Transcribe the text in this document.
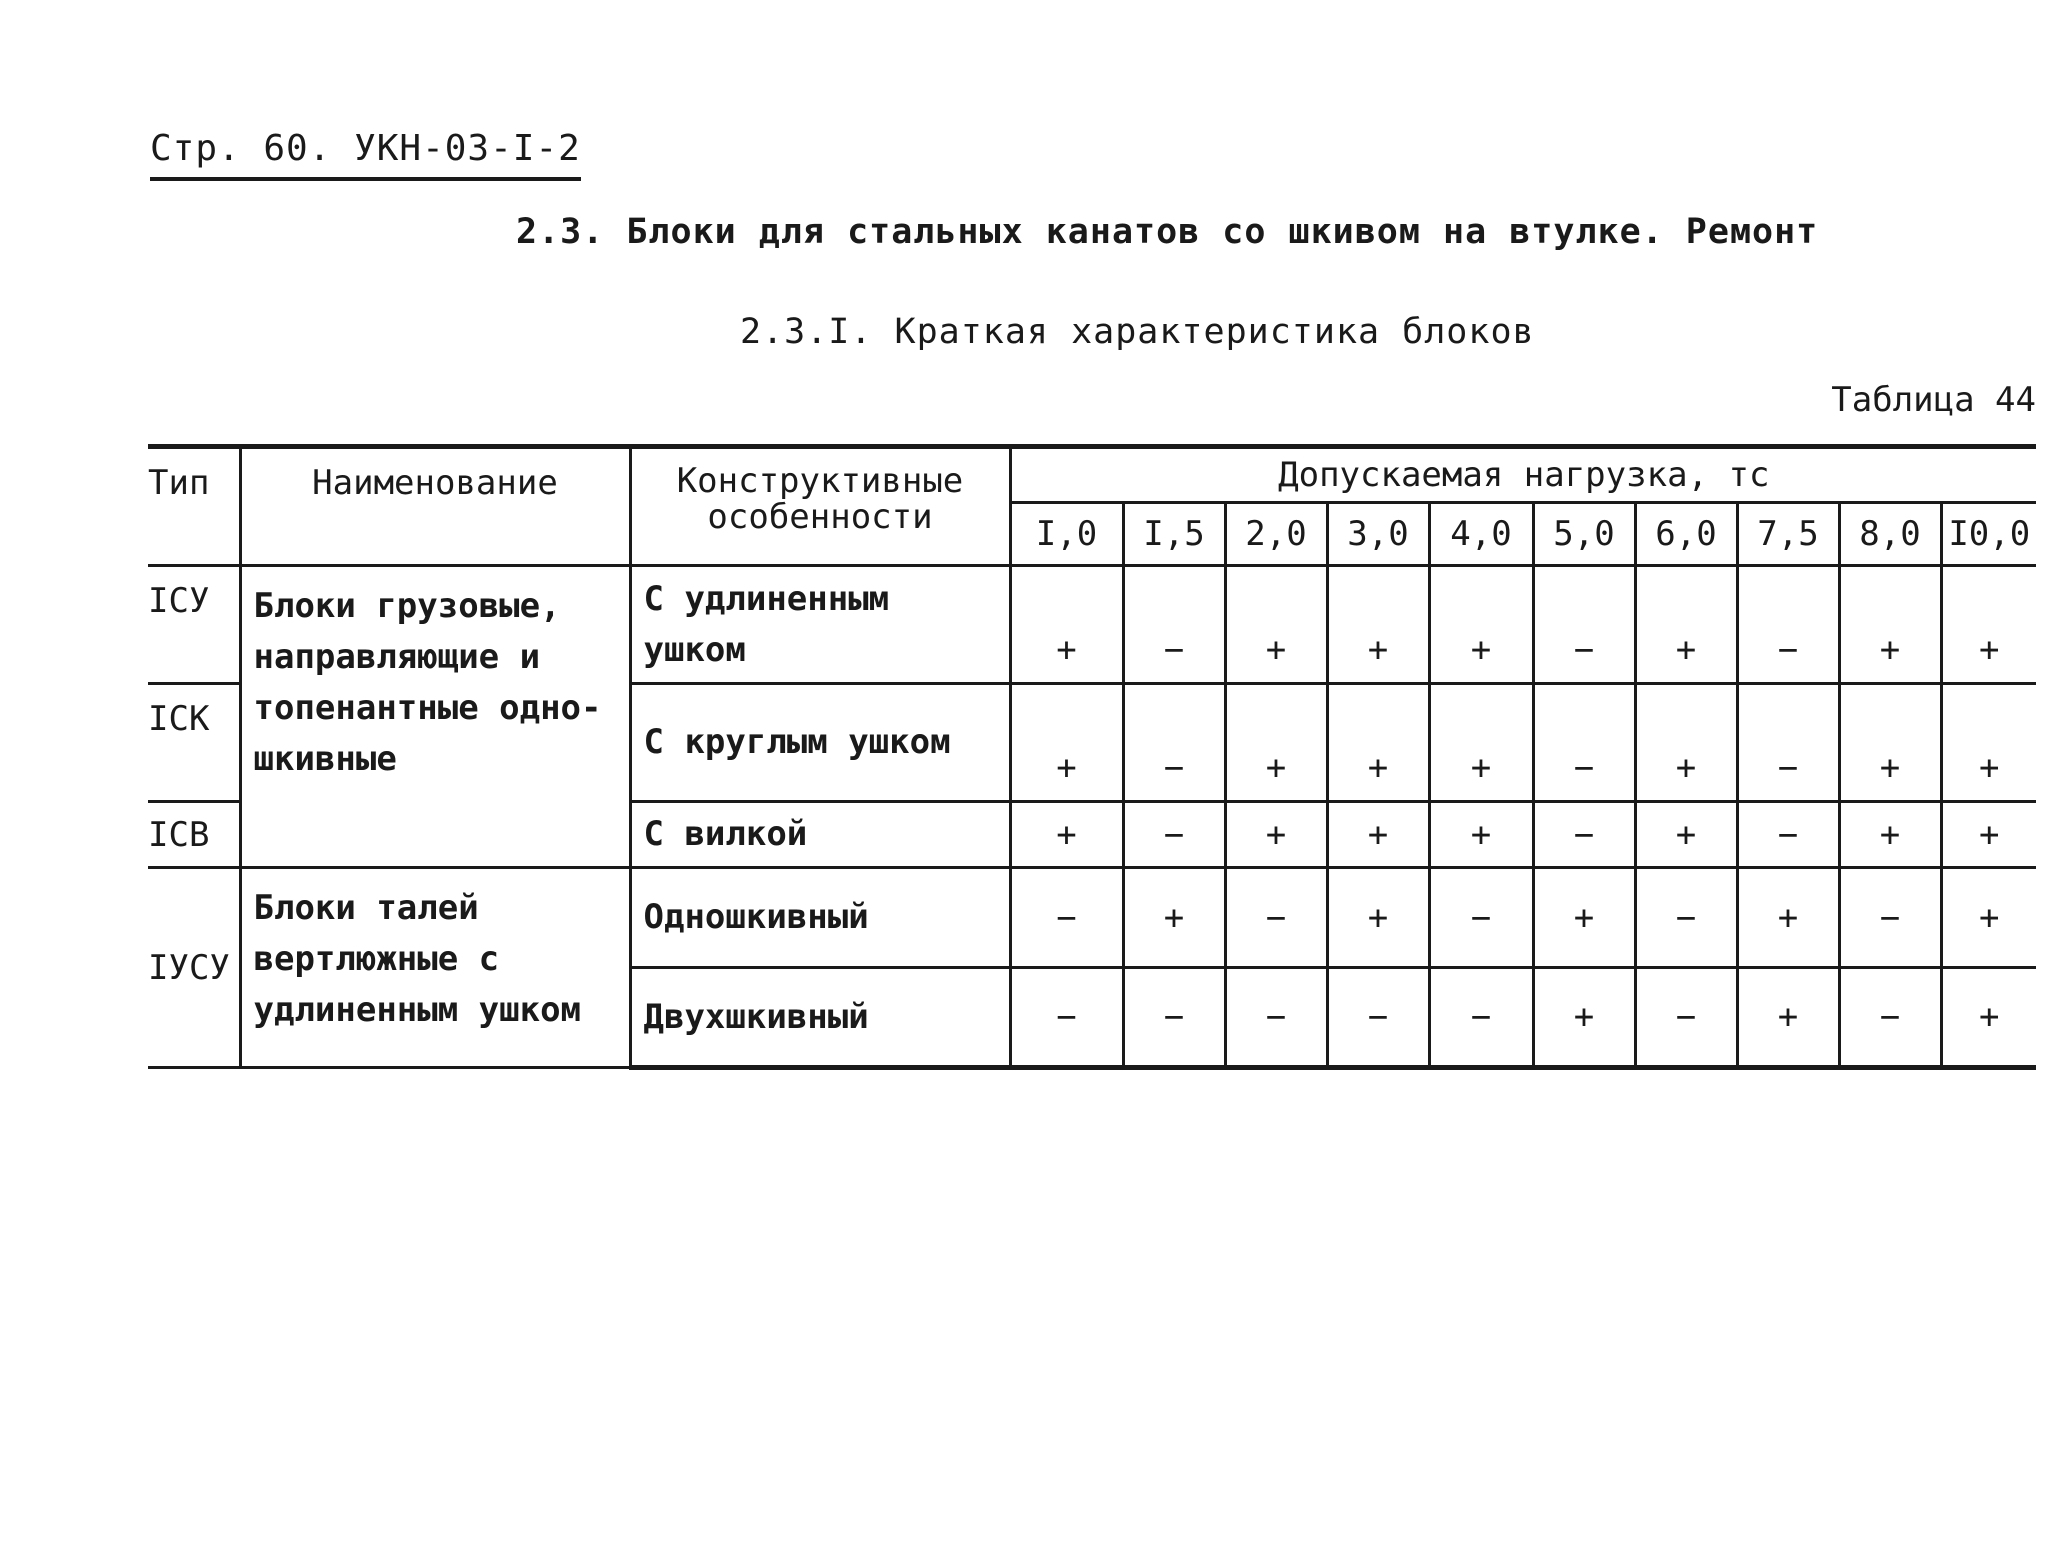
Стр. 60. УКН-03-I-2
2.3. Блоки для стальных канатов со шкивом на втулке. Ремонт
2.3.I. Краткая характеристика блоков
Таблица 44
Тип	Наименование	Конструктивные особенности	Допускаемая нагрузка, тс									
			I,0	I,5	2,0	3,0	4,0	5,0	6,0	7,5	8,0	I0,0
ICУ	Блоки грузовые, направляющие и топенантные одно-шкивные	С удлиненным ушком	+	−	+	+	+	−	+	−	+	+
ICК		С круглым ушком	+	−	+	+	+	−	+	−	+	+
ICВ		С вилкой	+	−	+	+	+	−	+	−	+	+
IУСУ	Блоки талей вертлюжные с удлиненным ушком	Одношкивный	−	+	−	+	−	+	−	+	−	+
		Двухшкивный	−	−	−	−	−	+	−	+	−	+
